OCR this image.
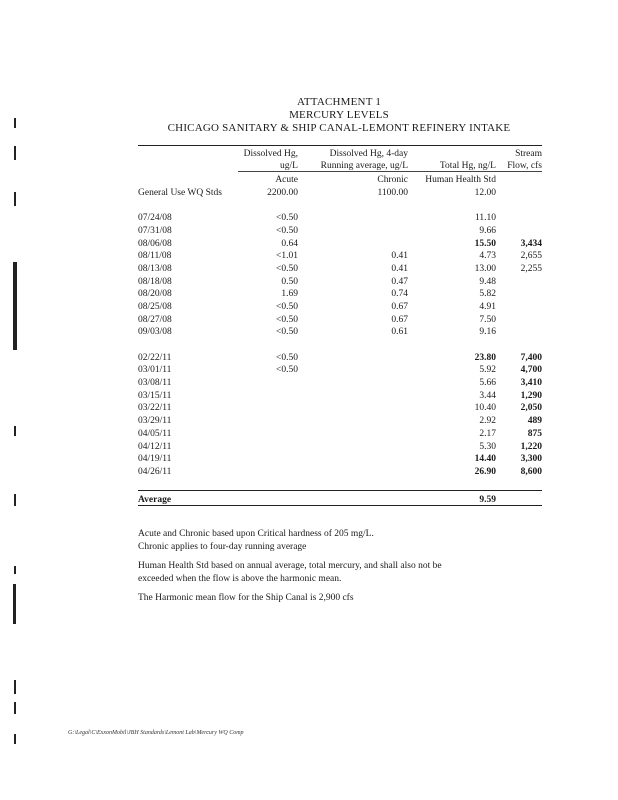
ATTACHMENT 1
MERCURY LEVELS
CHICAGO SANITARY & SHIP CANAL-LEMONT REFINERY INTAKE
	Dissolved Hg,	Dissolved Hg, 4-day		Stream
	ug/L	Running average, ug/L	Total Hg, ng/L	Flow, cfs
	Acute	Chronic	Human Health Std	
General Use WQ Stds	2200.00	1100.00	12.00	

07/24/08	<0.50		11.10	
07/31/08	<0.50		9.66	
08/06/08	0.64		15.50	3,434
08/11/08	<1.01	0.41	4.73	2,655
08/13/08	<0.50	0.41	13.00	2,255
08/18/08	0.50	0.47	9.48	
08/20/08	1.69	0.74	5.82	
08/25/08	<0.50	0.67	4.91	
08/27/08	<0.50	0.67	7.50	
09/03/08	<0.50	0.61	9.16	

02/22/11	<0.50		23.80	7,400
03/01/11	<0.50		5.92	4,700
03/08/11			5.66	3,410
03/15/11			3.44	1,290
03/22/11			10.40	2,050
03/29/11			2.92	489
04/05/11			2.17	875
04/12/11			5.30	1,220
04/19/11			14.40	3,300
04/26/11			26.90	8,600

Average			9.59	

Acute and Chronic based upon Critical hardness of 205 mg/L.

Chronic applies to four-day running average

Human Health Std based on annual average, total mercury, and shall also not be

exceeded when the flow is above the harmonic mean.

The Harmonic mean flow for the Ship Canal is 2,900 cfs

G:\Legal\C\ExxonMobil\JBH Standards\Lemont Lab\Mercury WQ Comp
